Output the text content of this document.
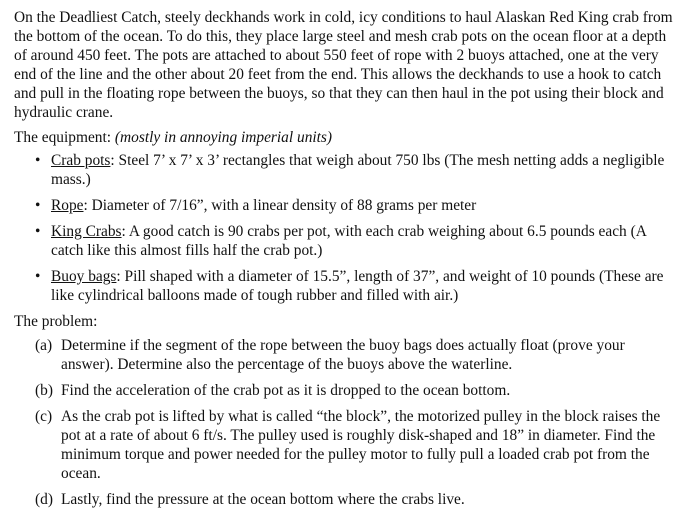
On the Deadliest Catch, steely deckhands work in cold, icy conditions to haul Alaskan Red King crab from the bottom of the ocean. To do this, they place large steel and mesh crab pots on the ocean floor at a depth of around 450 feet. The pots are attached to about 550 feet of rope with 2 buoys attached, one at the very end of the line and the other about 20 feet from the end. This allows the deckhands to use a hook to catch and pull in the floating rope between the buoys, so that they can then haul in the pot using their block and hydraulic crane.

The equipment: (mostly in annoying imperial units)

• Crab pots: Steel 7’ x 7’ x 3’ rectangles that weigh about 750 lbs (The mesh netting adds a negligible mass.)
• Rope: Diameter of 7/16”, with a linear density of 88 grams per meter
• King Crabs: A good catch is 90 crabs per pot, with each crab weighing about 6.5 pounds each (A catch like this almost fills half the crab pot.)
• Buoy bags: Pill shaped with a diameter of 15.5”, length of 37”, and weight of 10 pounds (These are like cylindrical balloons made of tough rubber and filled with air.)

The problem:

(a) Determine if the segment of the rope between the buoy bags does actually float (prove your answer). Determine also the percentage of the buoys above the waterline.
(b) Find the acceleration of the crab pot as it is dropped to the ocean bottom.
(c) As the crab pot is lifted by what is called “the block”, the motorized pulley in the block raises the pot at a rate of about 6 ft/s. The pulley used is roughly disk-shaped and 18” in diameter. Find the minimum torque and power needed for the pulley motor to fully pull a loaded crab pot from the ocean.
(d) Lastly, find the pressure at the ocean bottom where the crabs live.
